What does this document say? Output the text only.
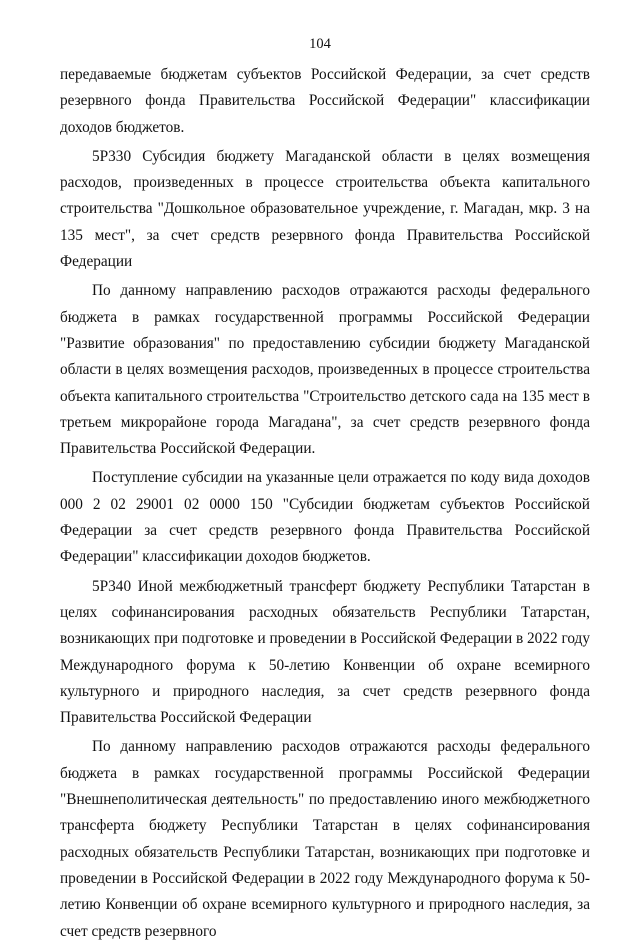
104

передаваемые бюджетам субъектов Российской Федерации, за счет средств резервного фонда Правительства Российской Федерации" классификации доходов бюджетов.

5Р330 Субсидия бюджету Магаданской области в целях возмещения расходов, произведенных в процессе строительства объекта капитального строительства "Дошкольное образовательное учреждение, г. Магадан, мкр. 3 на 135 мест", за счет средств резервного фонда Правительства Российской Федерации

По данному направлению расходов отражаются расходы федерального бюджета в рамках государственной программы Российской Федерации "Развитие образования" по предоставлению субсидии бюджету Магаданской области в целях возмещения расходов, произведенных в процессе строительства объекта капитального строительства "Строительство детского сада на 135 мест в третьем микрорайоне города Магадана", за счет средств резервного фонда Правительства Российской Федерации.

Поступление субсидии на указанные цели отражается по коду вида доходов 000 2 02 29001 02 0000 150 "Субсидии бюджетам субъектов Российской Федерации за счет средств резервного фонда Правительства Российской Федерации" классификации доходов бюджетов.

5Р340 Иной межбюджетный трансферт бюджету Республики Татарстан в целях софинансирования расходных обязательств Республики Татарстан, возникающих при подготовке и проведении в Российской Федерации в 2022 году Международного форума к 50-летию Конвенции об охране всемирного культурного и природного наследия, за счет средств резервного фонда Правительства Российской Федерации

По данному направлению расходов отражаются расходы федерального бюджета в рамках государственной программы Российской Федерации "Внешнеполитическая деятельность" по предоставлению иного межбюджетного трансферта бюджету Республики Татарстан в целях софинансирования расходных обязательств Республики Татарстан, возникающих при подготовке и проведении в Российской Федерации в 2022 году Международного форума к 50-летию Конвенции об охране всемирного культурного и природного наследия, за счет средств резервного
